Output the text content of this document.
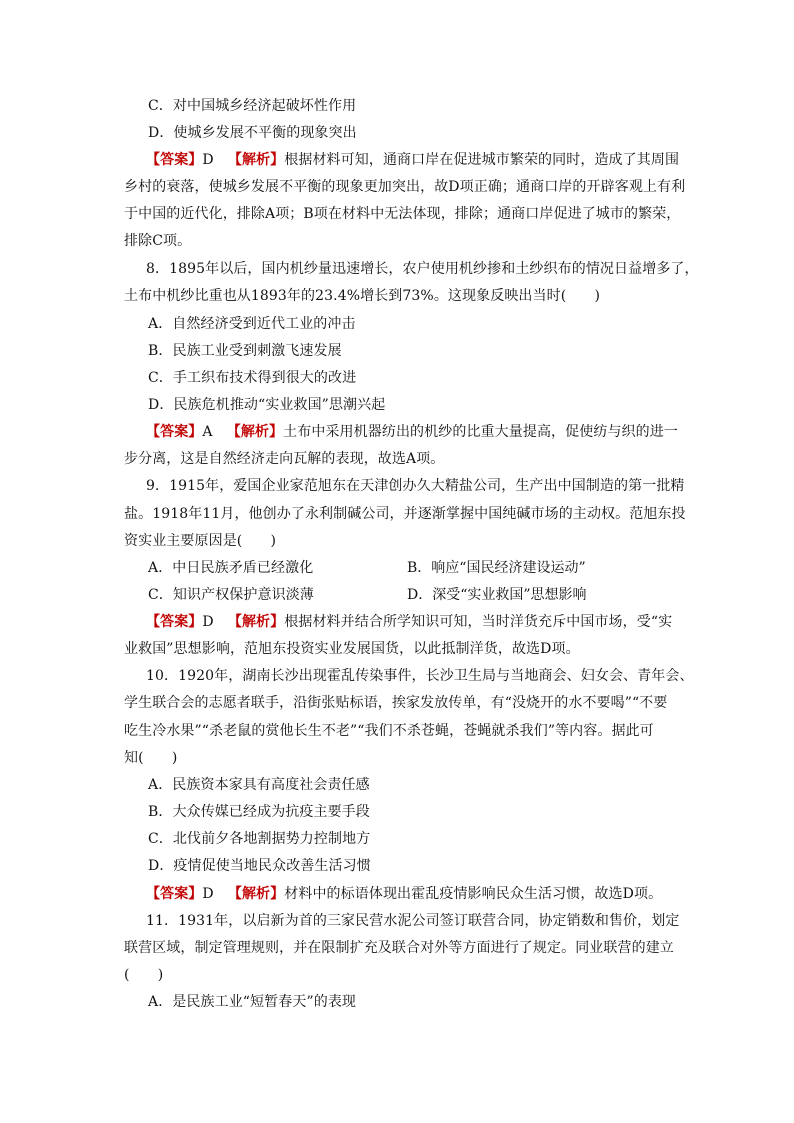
C．对中国城乡经济起破坏性作用
D．使城乡发展不平衡的现象突出
【答案】D  【解析】根据材料可知，通商口岸在促进城市繁荣的同时，造成了其周围
乡村的衰落，使城乡发展不平衡的现象更加突出，故D项正确；通商口岸的开辟客观上有利
于中国的近代化，排除A项；B项在材料中无法体现，排除；通商口岸促进了城市的繁荣，
排除C项。
8．1895年以后，国内机纱量迅速增长，农户使用机纱掺和土纱织布的情况日益增多了，
土布中机纱比重也从1893年的23.4%增长到73%。这现象反映出当时(　　)
A．自然经济受到近代工业的冲击
B．民族工业受到刺激飞速发展
C．手工织布技术得到很大的改进
D．民族危机推动“实业救国”思潮兴起
【答案】A  【解析】土布中采用机器纺出的机纱的比重大量提高，促使纺与织的进一
步分离，这是自然经济走向瓦解的表现，故选A项。
9．1915年，爱国企业家范旭东在天津创办久大精盐公司，生产出中国制造的第一批精
盐。1918年11月，他创办了永利制碱公司，并逐渐掌握中国纯碱市场的主动权。范旭东投
资实业主要原因是(　　)
A．中日民族矛盾已经激化	B．响应“国民经济建设运动”
C．知识产权保护意识淡薄	D．深受“实业救国”思想影响
【答案】D  【解析】根据材料并结合所学知识可知，当时洋货充斥中国市场，受“实
业救国”思想影响，范旭东投资实业发展国货，以此抵制洋货，故选D项。
10．1920年，湖南长沙出现霍乱传染事件，长沙卫生局与当地商会、妇女会、青年会、
学生联合会的志愿者联手，沿街张贴标语，挨家发放传单，有“没烧开的水不要喝”“不要
吃生冷水果”“杀老鼠的赏他长生不老”“我们不杀苍蝇，苍蝇就杀我们”等内容。据此可
知(　　)
A．民族资本家具有高度社会责任感
B．大众传媒已经成为抗疫主要手段
C．北伐前夕各地割据势力控制地方
D．疫情促使当地民众改善生活习惯
【答案】D  【解析】材料中的标语体现出霍乱疫情影响民众生活习惯，故选D项。
11．1931年，以启新为首的三家民营水泥公司签订联营合同，协定销数和售价，划定
联营区域，制定管理规则，并在限制扩充及联合对外等方面进行了规定。同业联营的建立
(　　)
A．是民族工业“短暂春天”的表现
